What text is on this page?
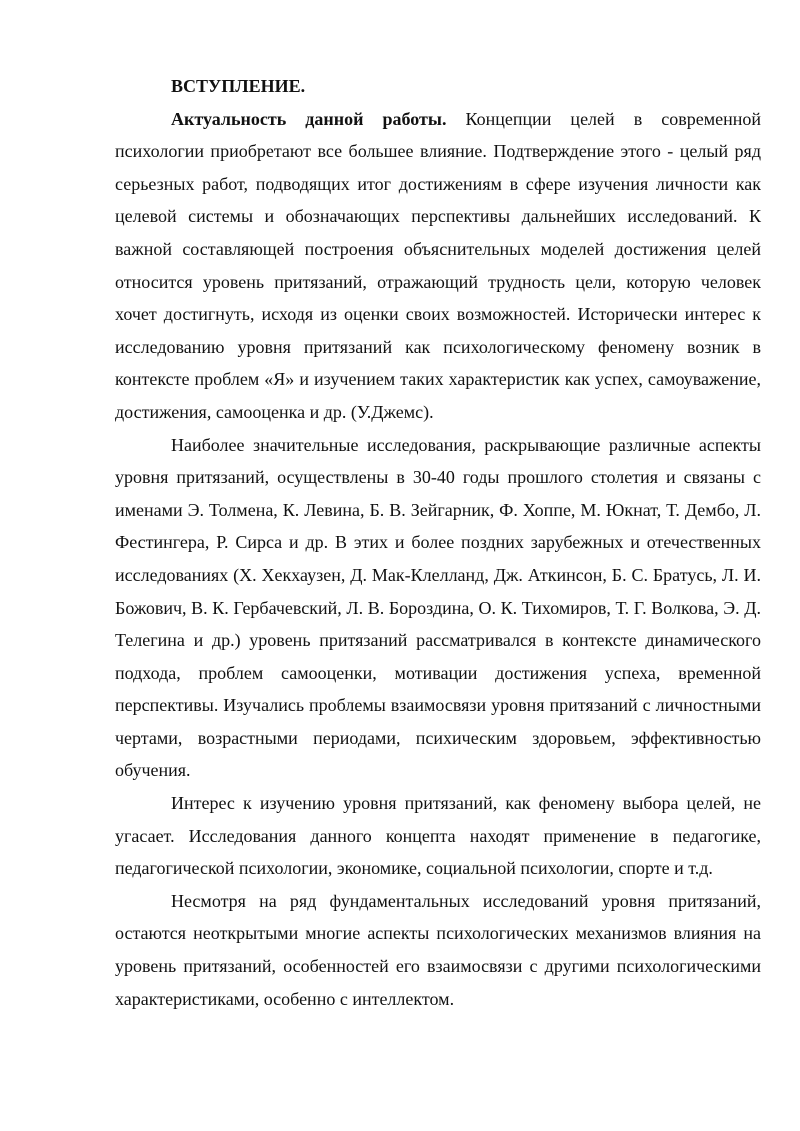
ВСТУПЛЕНИЕ.

Актуальность данной работы. Концепции целей в современной психологии приобретают все большее влияние. Подтверждение этого - целый ряд серьезных работ, подводящих итог достижениям в сфере изучения личности как целевой системы и обозначающих перспективы дальнейших исследований. К важной составляющей построения объяснительных моделей достижения целей относится уровень притязаний, отражающий трудность цели, которую человек хочет достигнуть, исходя из оценки своих возможностей. Исторически интерес к исследованию уровня притязаний как психологическому феномену возник в контексте проблем «Я» и изучением таких характеристик как успех, самоуважение, достижения, самооценка и др. (У.Джемс).

Наиболее значительные исследования, раскрывающие различные аспекты уровня притязаний, осуществлены в 30-40 годы прошлого столетия и связаны с именами Э. Толмена, К. Левина, Б. В. Зейгарник, Ф. Хоппе, М. Юкнат, Т. Дембо, Л. Фестингера, Р. Сирса и др. В этих и более поздних зарубежных и отечественных исследованиях (Х. Хекхаузен, Д. Мак-Клелланд, Дж. Аткинсон, Б. С. Братусь, Л. И. Божович, В. К. Гербачевский, Л. В. Бороздина, О. К. Тихомиров, Т. Г. Волкова, Э. Д. Телегина и др.) уровень притязаний рассматривался в контексте динамического подхода, проблем самооценки, мотивации достижения успеха, временной перспективы. Изучались проблемы взаимосвязи уровня притязаний с личностными чертами, возрастными периодами, психическим здоровьем, эффективностью обучения.

Интерес к изучению уровня притязаний, как феномену выбора целей, не угасает. Исследования данного концепта находят применение в педагогике, педагогической психологии, экономике, социальной психологии, спорте и т.д.

Несмотря на ряд фундаментальных исследований уровня притязаний, остаются неоткрытыми многие аспекты психологических механизмов влияния на уровень притязаний, особенностей его взаимосвязи с другими психологическими характеристиками, особенно с интеллектом.
